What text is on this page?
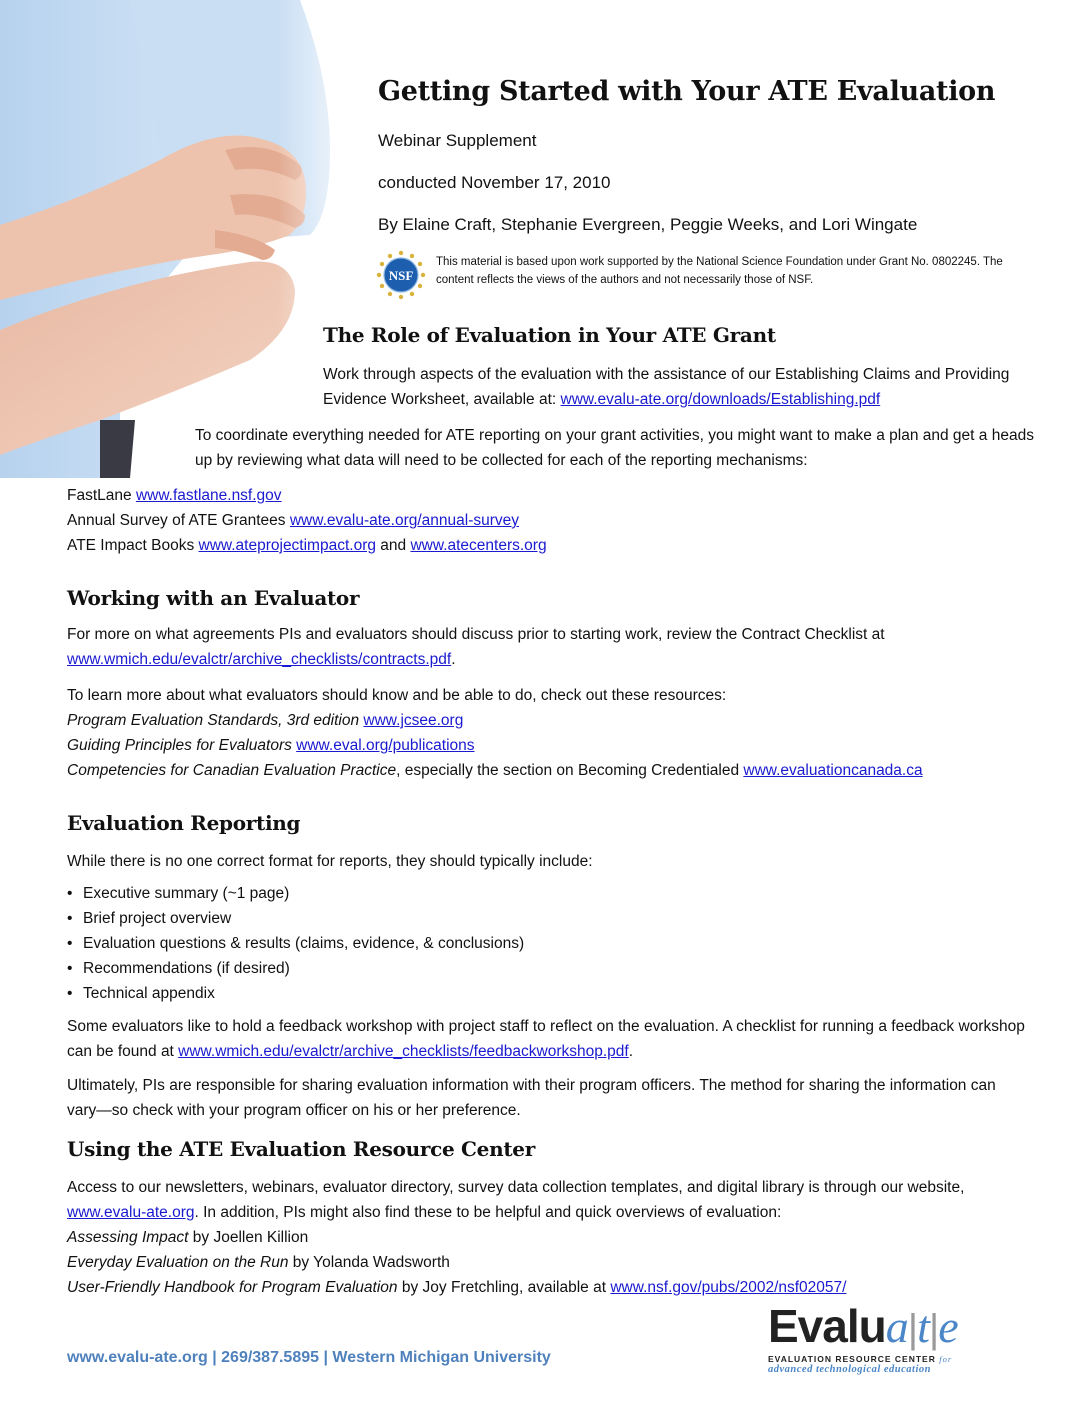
Getting Started with Your ATE Evaluation
Webinar Supplement
conducted November 17, 2010
By Elaine Craft, Stephanie Evergreen, Peggie Weeks, and Lori Wingate
NSF
This material is based upon work supported by the National Science Foundation under Grant No. 0802245. The content reflects the views of the authors and not necessarily those of NSF.
The Role of Evaluation in Your ATE Grant
Work through aspects of the evaluation with the assistance of our Establishing Claims and Providing Evidence Worksheet, available at: www.evalu-ate.org/downloads/Establishing.pdf
To coordinate everything needed for ATE reporting on your grant activities, you might want to make a plan and get a heads up by reviewing what data will need to be collected for each of the reporting mechanisms:
FastLane www.fastlane.nsf.gov
Annual Survey of ATE Grantees www.evalu-ate.org/annual-survey
ATE Impact Books www.ateprojectimpact.org and www.atecenters.org
Working with an Evaluator
For more on what agreements PIs and evaluators should discuss prior to starting work, review the Contract Checklist at www.wmich.edu/evalctr/archive_checklists/contracts.pdf.
To learn more about what evaluators should know and be able to do, check out these resources:
Program Evaluation Standards, 3rd edition www.jcsee.org
Guiding Principles for Evaluators www.eval.org/publications
Competencies for Canadian Evaluation Practice, especially the section on Becoming Credentialed www.evaluationcanada.ca
Evaluation Reporting
While there is no one correct format for reports, they should typically include:
• Executive summary (~1 page)
• Brief project overview
• Evaluation questions & results (claims, evidence, & conclusions)
• Recommendations (if desired)
• Technical appendix
Some evaluators like to hold a feedback workshop with project staff to reflect on the evaluation. A checklist for running a feedback workshop can be found at www.wmich.edu/evalctr/archive_checklists/feedbackworkshop.pdf.
Ultimately, PIs are responsible for sharing evaluation information with their program officers. The method for sharing the information can vary—so check with your program officer on his or her preference.
Using the ATE Evaluation Resource Center
Access to our newsletters, webinars, evaluator directory, survey data collection templates, and digital library is through our website, www.evalu-ate.org. In addition, PIs might also find these to be helpful and quick overviews of evaluation:
Assessing Impact by Joellen Killion
Everyday Evaluation on the Run by Yolanda Wadsworth
User-Friendly Handbook for Program Evaluation by Joy Fretchling, available at www.nsf.gov/pubs/2002/nsf02057/
www.evalu-ate.org | 269/387.5895 | Western Michigan University
Evalua|t|e
EVALUATION RESOURCE CENTER for
advanced technological education
